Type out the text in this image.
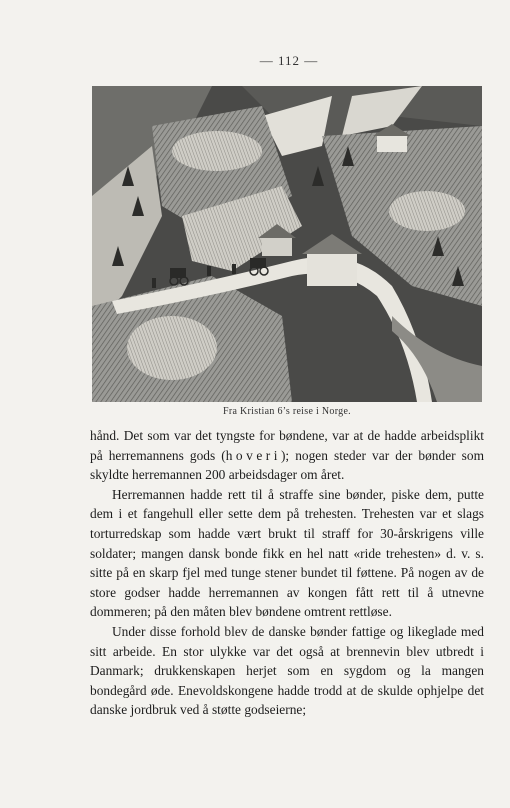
— 112 —
Fra Kristian 6’s reise i Norge.

hånd. Det som var det tyngste for bøndene, var at de hadde arbeidsplikt på herremannens gods (hoveri); nogen steder var der bønder som skyldte herremannen 200 arbeidsdager om året.

Herremannen hadde rett til å straffe sine bønder, piske dem, putte dem i et fangehull eller sette dem på trehesten. Trehesten var et slags torturredskap som hadde vært brukt til straff for 30-årskrigens ville soldater; mangen dansk bonde fikk en hel natt «ride trehesten» d. v. s. sitte på en skarp fjel med tunge stener bundet til føttene. På nogen av de store godser hadde herremannen av kongen fått rett til å utnevne dommeren; på den måten blev bøndene omtrent rettløse.

Under disse forhold blev de danske bønder fattige og likeglade med sitt arbeide. En stor ulykke var det også at brennevin blev utbredt i Danmark; drukkenskapen herjet som en sygdom og la mangen bondegård øde. Enevoldskongene hadde trodd at de skulde ophjelpe det danske jordbruk ved å støtte godseierne;
